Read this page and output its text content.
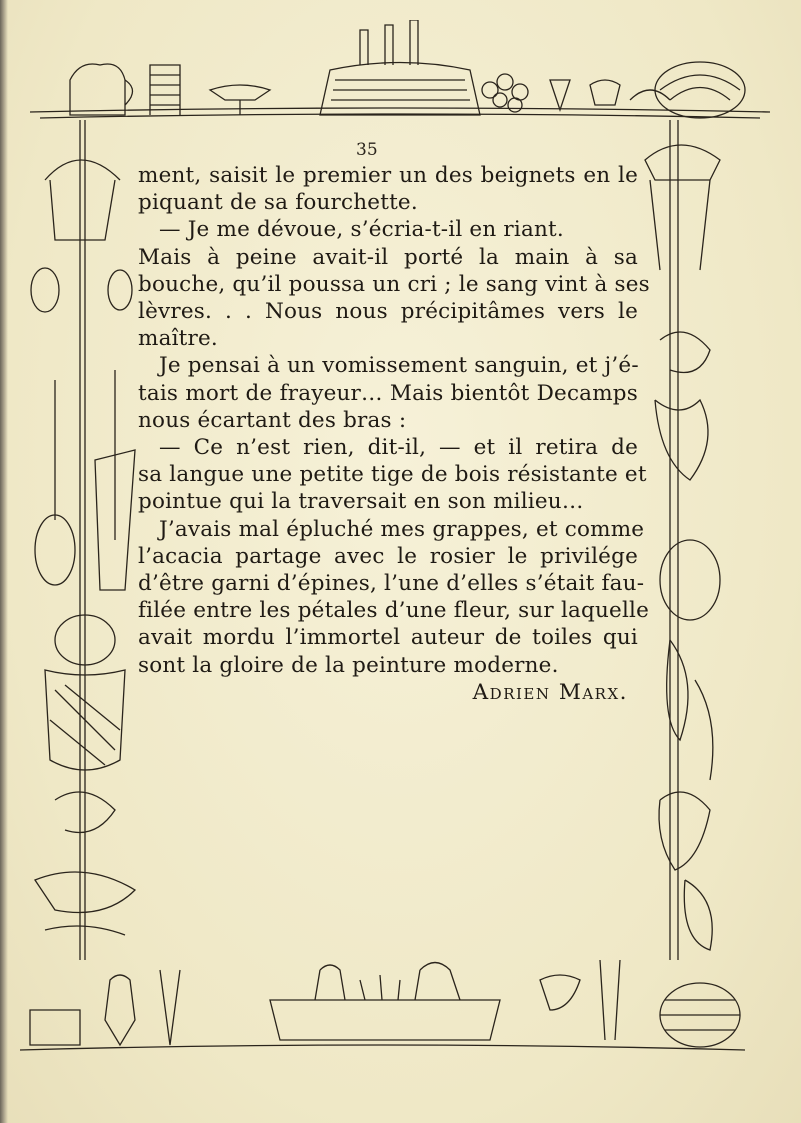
35
ment, saisit le premier un des beignets en le
piquant de sa fourchette.
— Je me dévoue, s’écria-t-il en riant.
Mais à peine avait-il porté la main à sa
bouche, qu’il poussa un cri ; le sang vint à ses
lèvres. . . Nous nous précipitâmes vers le
maître.
Je pensai à un vomissement sanguin, et j’é-
tais mort de frayeur… Mais bientôt Decamps
nous écartant des bras :
— Ce n’est rien, dit-il, — et il retira de
sa langue une petite tige de bois résistante et
pointue qui la traversait en son milieu…
J’avais mal épluché mes grappes, et comme
l’acacia partage avec le rosier le privilége
d’être garni d’épines, l’une d’elles s’était fau-
filée entre les pétales d’une fleur, sur laquelle
avait mordu l’immortel auteur de toiles qui
sont la gloire de la peinture moderne.
Adrien Marx.
